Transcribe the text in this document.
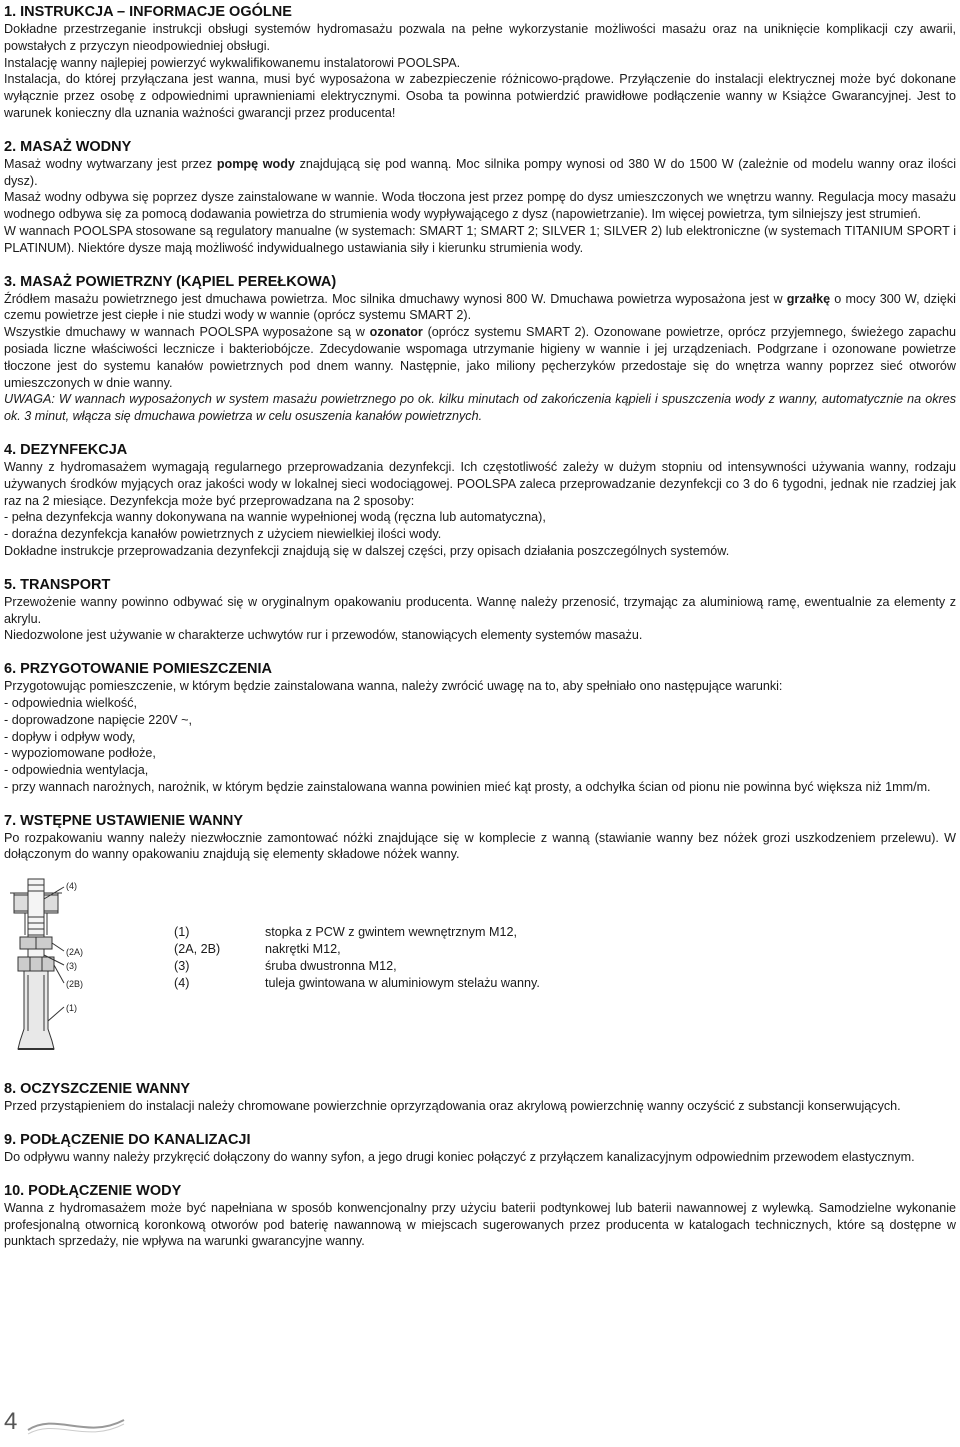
1. INSTRUKCJA – INFORMACJE OGÓLNE

Dokładne przestrzeganie instrukcji obsługi systemów hydromasażu pozwala na pełne wykorzystanie możliwości masażu oraz na uniknięcie komplikacji czy awarii, powstałych z przyczyn nieodpowiedniej obsługi.

Instalację wanny najlepiej powierzyć wykwalifikowanemu instalatorowi POOLSPA.

Instalacja, do której przyłączana jest wanna, musi być wyposażona w zabezpieczenie różnicowo-prądowe. Przyłączenie do instalacji elektrycznej może być dokonane wyłącznie przez osobę z odpowiednimi uprawnieniami elektrycznymi. Osoba ta powinna potwierdzić prawidłowe podłączenie wanny w Książce Gwarancyjnej. Jest to warunek konieczny dla uznania ważności gwarancji przez producenta!

2. MASAŻ WODNY

Masaż wodny wytwarzany jest przez pompę wody znajdującą się pod wanną. Moc silnika pompy wynosi od 380 W do 1500 W (zależnie od modelu wanny oraz ilości dysz).

Masaż wodny odbywa się poprzez dysze zainstalowane w wannie. Woda tłoczona jest przez pompę do dysz umieszczonych we wnętrzu wanny. Regulacja mocy masażu wodnego odbywa się za pomocą dodawania powietrza do strumienia wody wypływającego z dysz (napowietrzanie). Im więcej powietrza, tym silniejszy jest strumień.

W wannach POOLSPA stosowane są regulatory manualne (w systemach: SMART 1; SMART 2; SILVER 1; SILVER 2) lub elektroniczne (w systemach TITANIUM SPORT i PLATINUM). Niektóre dysze mają możliwość indywidualnego ustawiania siły i kierunku strumienia wody.

3. MASAŻ POWIETRZNY (KĄPIEL PEREŁKOWA)

Źródłem masażu powietrznego jest dmuchawa powietrza. Moc silnika dmuchawy wynosi 800 W. Dmuchawa powietrza wyposażona jest w grzałkę o mocy 300 W, dzięki czemu powietrze jest ciepłe i nie studzi wody w wannie (oprócz systemu SMART 2).

Wszystkie dmuchawy w wannach POOLSPA wyposażone są w ozonator (oprócz systemu SMART 2). Ozonowane powietrze, oprócz przyjemnego, świeżego zapachu posiada liczne właściwości lecznicze i bakteriobójcze. Zdecydowanie wspomaga utrzymanie higieny w wannie i jej urządzeniach. Podgrzane i ozonowane powietrze tłoczone jest do systemu kanałów powietrznych pod dnem wanny. Następnie, jako miliony pęcherzyków przedostaje się do wnętrza wanny poprzez sieć otworów umieszczonych w dnie wanny.

UWAGA: W wannach wyposażonych w system masażu powietrznego po ok. kilku minutach od zakończenia kąpieli i spuszczenia wody z wanny, automatycznie na okres ok. 3 minut, włącza się dmuchawa powietrza w celu osuszenia kanałów powietrznych.

4. DEZYNFEKCJA

Wanny z hydromasażem wymagają regularnego przeprowadzania dezynfekcji. Ich częstotliwość zależy w dużym stopniu od intensywności używania wanny, rodzaju używanych środków myjących oraz jakości wody w lokalnej sieci wodociągowej. POOLSPA zaleca przeprowadzanie dezynfekcji co 3 do 6 tygodni, jednak nie rzadziej jak raz na 2 miesiące. Dezynfekcja może być przeprowadzana na 2 sposoby:

- pełna dezynfekcja wanny dokonywana na wannie wypełnionej wodą (ręczna lub automatyczna),

- doraźna dezynfekcja kanałów powietrznych z użyciem niewielkiej ilości wody.

Dokładne instrukcje przeprowadzania dezynfekcji znajdują się w dalszej części, przy opisach działania poszczególnych systemów.

5. TRANSPORT

Przewożenie wanny powinno odbywać się w oryginalnym opakowaniu producenta. Wannę należy przenosić, trzymając za aluminiową ramę, ewentualnie za elementy z akrylu.

Niedozwolone jest używanie w charakterze uchwytów rur i przewodów, stanowiących elementy systemów masażu.

6. PRZYGOTOWANIE POMIESZCZENIA

Przygotowując pomieszczenie, w którym będzie zainstalowana wanna, należy zwrócić uwagę na to, aby spełniało ono następujące warunki:

- odpowiednia wielkość,

- doprowadzone napięcie 220V ~,

- dopływ i odpływ wody,

- wypoziomowane podłoże,

- odpowiednia wentylacja,

- przy wannach narożnych, narożnik, w którym będzie zainstalowana wanna powinien mieć kąt prosty, a odchyłka ścian od pionu nie powinna być większa niż 1mm/m.

7. WSTĘPNE USTAWIENIE WANNY

Po rozpakowaniu wanny należy niezwłocznie zamontować nóżki znajdujące się w komplecie z wanną (stawianie wanny bez nóżek grozi uszkodzeniem przelewu). W dołączonym do wanny opakowaniu znajdują się elementy składowe nóżek wanny.

(4)
(2A)
(3)
(2B)
(1)
(1)	stopka z PCW z gwintem wewnętrznym M12,
(2A, 2B)	nakrętki M12,
(3)	śruba dwustronna M12,
(4)	tuleja gwintowana w aluminiowym stelażu wanny.
8. OCZYSZCZENIE WANNY

Przed przystąpieniem do instalacji należy chromowane powierzchnie oprzyrządowania oraz akrylową powierzchnię wanny oczyścić z substancji konserwujących.

9. PODŁĄCZENIE DO KANALIZACJI

Do odpływu wanny należy przykręcić dołączony do wanny syfon, a jego drugi koniec połączyć z przyłączem kanalizacyjnym odpowiednim przewodem elastycznym.

10. PODŁĄCZENIE WODY

Wanna z hydromasażem może być napełniana w sposób konwencjonalny przy użyciu baterii podtynkowej lub baterii nawannowej z wylewką. Samodzielne wykonanie profesjonalną otwornicą koronkową otworów pod baterię nawannową w miejscach sugerowanych przez producenta w katalogach technicznych, które są dostępne w punktach sprzedaży, nie wpływa na warunki gwarancyjne wanny.

4
